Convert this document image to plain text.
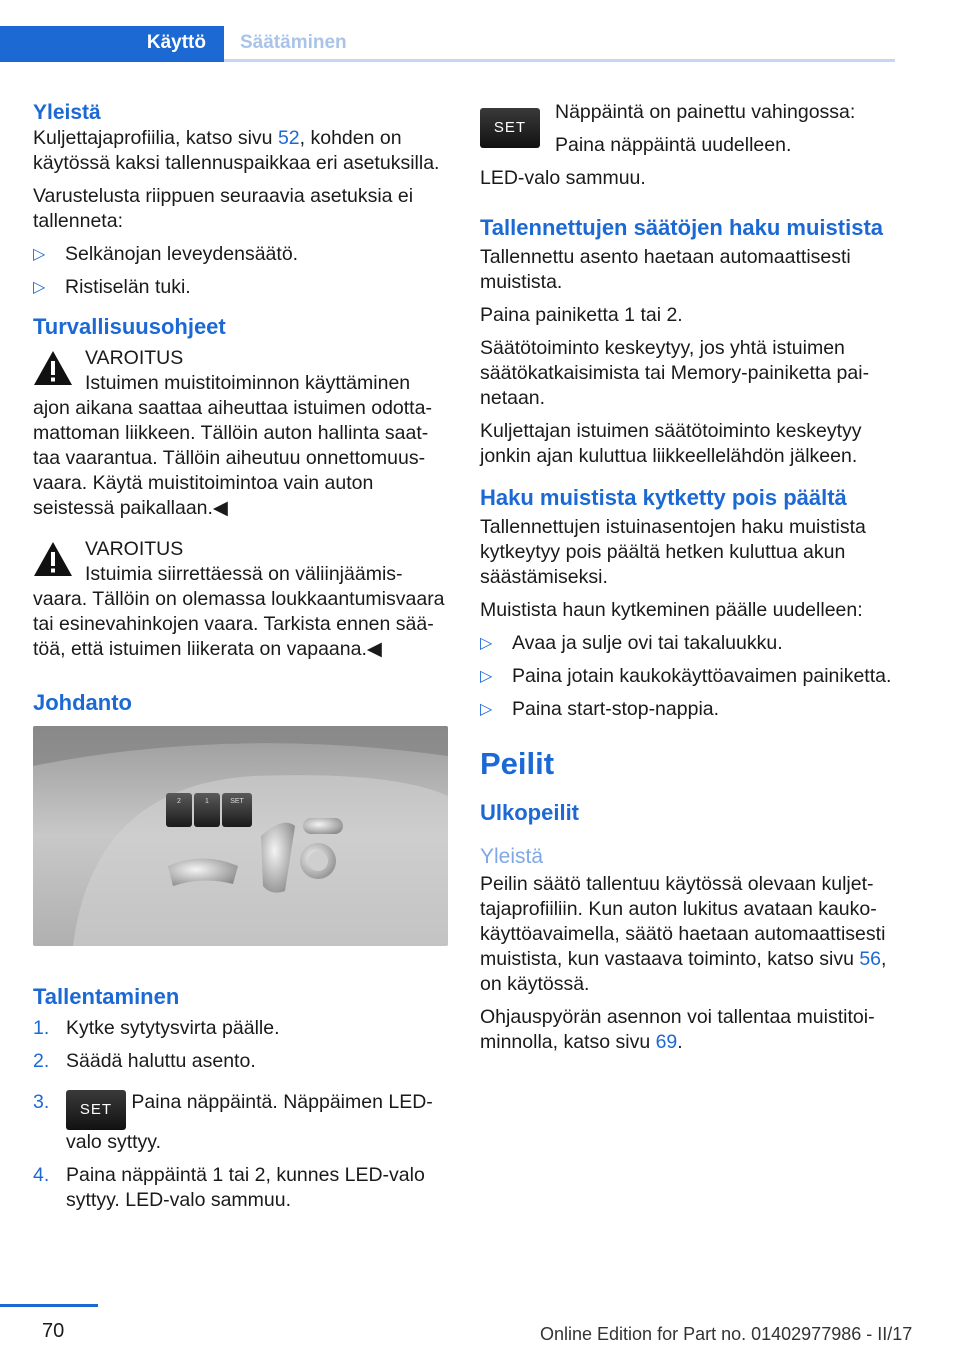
Käyttö Säätäminen
Yleistä

Kuljettajaprofiilia, katso sivu 52, kohden on käytössä kaksi tallennuspaikkaa eri asetuksilla.

Varustelusta riippuen seuraavia asetuksia ei tallenneta:

▷ Selkänojan leveydensäätö.
▷ Ristiselän tuki.
Turvallisuusohjeet
VAROITUS
Istuimen muistitoiminnon käyttäminen ajon aikana saattaa aiheuttaa istuimen odottamattoman liikkeen. Tällöin auton hallinta saattaa vaarantua. Tällöin aiheutuu onnettomuusvaara. Käytä muistitoimintoa vain auton seistessä paikallaan.◀
VAROITUS
Istuimia siirrettäessä on väliinjäämisvaara. Tällöin on olemassa loukkaantumisvaara tai esinevahinkojen vaara. Tarkista ennen säätöä, että istuimen liikerata on vapaana.◀
Johdanto
2	1	SET
Tallentaminen
1. Kytke sytytysvirta päälle.
2. Säädä haluttu asento.
3. SET Paina näppäintä. Näppäimen LED-valo syttyy.
4. Paina näppäintä 1 tai 2, kunnes LED-valo syttyy. LED-valo sammuu.
SET

Näppäintä on painettu vahingossa:

Paina näppäintä uudelleen.

LED-valo sammuu.

Tallennettujen säätöjen haku muistista

Tallennettu asento haetaan automaattisesti muistista.

Paina painiketta 1 tai 2.

Säätötoiminto keskeytyy, jos yhtä istuimen säätökatkaisimista tai Memory-painiketta painetaan.

Kuljettajan istuimen säätötoiminto keskeytyy jonkin ajan kuluttua liikkeellelähdön jälkeen.

Haku muistista kytketty pois päältä

Tallennettujen istuinasentojen haku muistista kytkeytyy pois päältä hetken kuluttua akun säästämiseksi.

Muistista haun kytkeminen päälle uudelleen:

▷ Avaa ja sulje ovi tai takaluukku.
▷ Paina jotain kaukokäyttöavaimen painiketta.
▷ Paina start-stop-nappia.
Peilit
Ulkopeilit
Yleistä

Peilin säätö tallentuu käytössä olevaan kuljettajaprofiiliin. Kun auton lukitus avataan kaukokäyttöavaimella, säätö haetaan automaattisesti muistista, kun vastaava toiminto, katso sivu 56, on käytössä.

Ohjauspyörän asennon voi tallentaa muistitoiminnolla, katso sivu 69.

70	Online Edition for Part no. 01402977986 - II/17
